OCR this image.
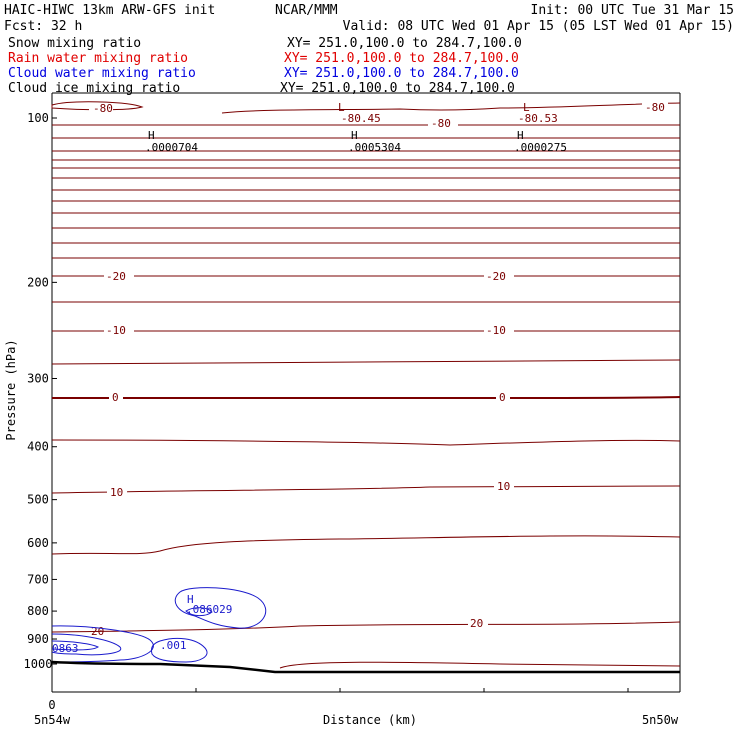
HAIC-HIWC 13km ARW-GFS init
Fcst: 32 h
NCAR/MMM	Init: 00 UTC Tue 31 Mar 15
Valid: 08 UTC Wed 01 Apr 15 (05 LST Wed 01 Apr 15)
Snow mixing ratio	XY= 251.0,100.0 to 284.7,100.0
Rain water mixing ratio	XY= 251.0,100.0 to 284.7,100.0
Cloud water mixing ratio	XY= 251.0,100.0 to 284.7,100.0
Cloud ice mixing ratio	XY= 251.0,100.0 to 284.7,100.0
100
200
300
400
500
600
700
800
900
1000
-80
-80.45	-80	-80.53
-80
-20	-20
-10	-10
0	0
10	10
20
20
L	L
H
.0000704
H
.0005304
H
.0000275
H
.086029
.001
0863
Pressure (hPa)
0
5n54w	Distance (km)	5n50w
